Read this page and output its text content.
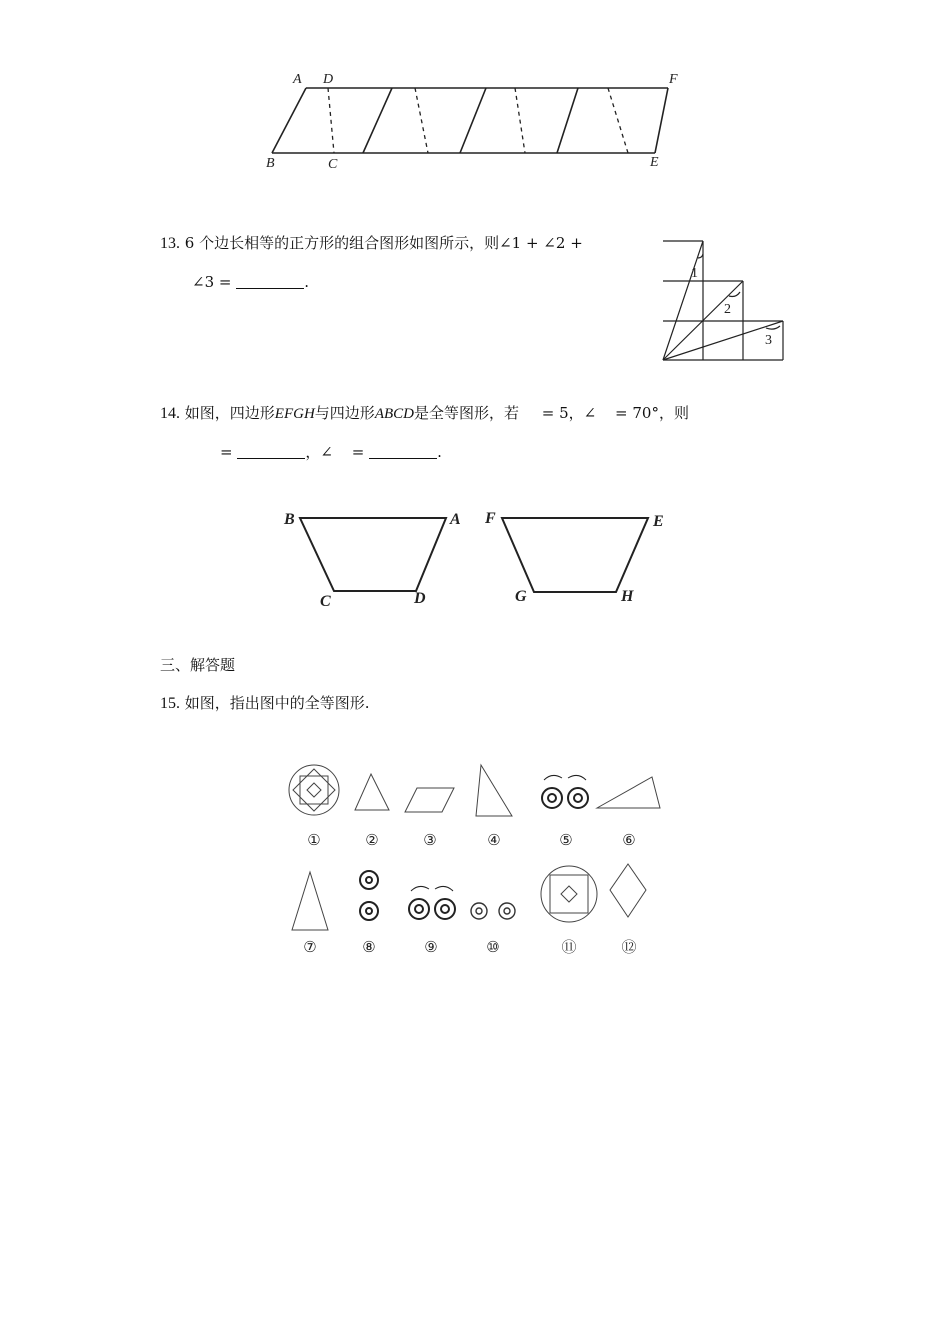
A D	F
B	C	E
13. 6 个边长相等的正方形的组合图形如图所示，则∠1 + ∠2 +
∠3 =	.	1
2
3
14. 如图，四边形EFGH与四边形ABCD是全等图形，若 = 5，∠ = 70°，则
=	，∠ =	.
B	A
C	D
F	E
G	H
三、解答题
15. 如图，指出图中的全等图形.
①	②	③	④	⑤	⑥
⑦	⑧	⑨	⑩	⑪	⑫
